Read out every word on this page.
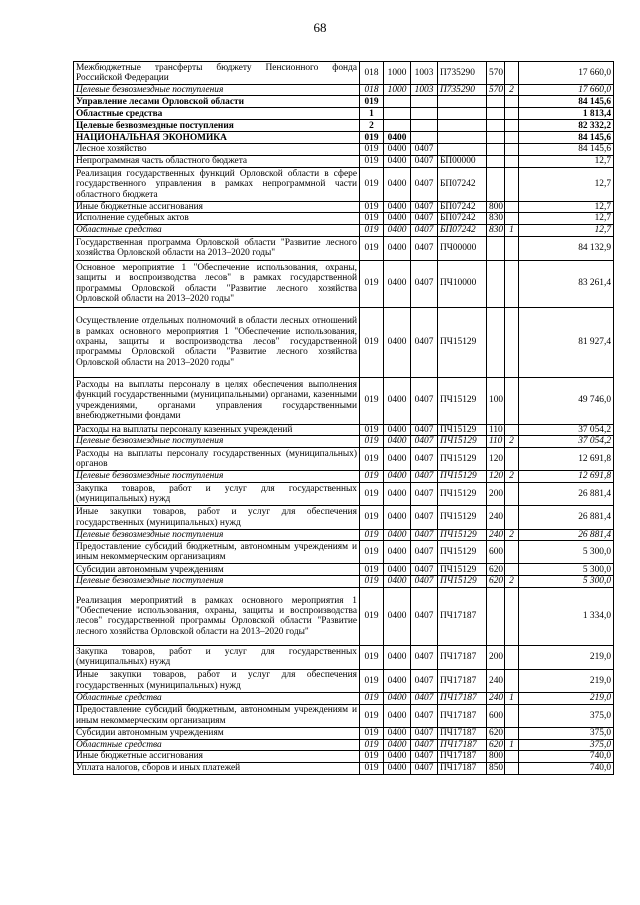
68
Межбюджетные трансферты бюджету Пенсионного фонда Российской Федерации	018	1000	1003	П735290	570		17 660,0
Целевые безвозмездные поступления	018	1000	1003	П735290	570	2	17 660,0
Управление лесами Орловской области	019						84 145,6
Областные средства	1						1 813,4
Целевые безвозмездные поступления	2						82 332,2
НАЦИОНАЛЬНАЯ ЭКОНОМИКА	019	0400					84 145,6
Лесное хозяйство	019	0400	0407				84 145,6
Непрограммная часть областного бюджета	019	0400	0407	БП00000			12,7
Реализация государственных функций Орловской области в сфере государственного управления в рамках непрограммной части областного бюджета	019	0400	0407	БП07242			12,7
Иные бюджетные ассигнования	019	0400	0407	БП07242	800		12,7
Исполнение судебных актов	019	0400	0407	БП07242	830		12,7
Областные средства	019	0400	0407	БП07242	830	1	12,7
Государственная программа Орловской области "Развитие лесного хозяйства Орловской области на 2013–2020 годы"	019	0400	0407	ПЧ00000			84 132,9
Основное мероприятие 1 "Обеспечение использования, охраны, защиты и воспроизводства лесов" в рамках государственной программы Орловской области "Развитие лесного хозяйства Орловской области на 2013–2020 годы"	019	0400	0407	ПЧ10000			83 261,4
Осуществление отдельных полномочий в области лесных отношений в рамках основного мероприятия 1 "Обеспечение использования, охраны, защиты и воспроизводства лесов" государственной программы Орловской области "Развитие лесного хозяйства Орловской области на 2013–2020 годы"	019	0400	0407	ПЧ15129			81 927,4
Расходы на выплаты персоналу в целях обеспечения выполнения функций государственными (муниципальными) органами, казенными учреждениями, органами управления государственными внебюджетными фондами	019	0400	0407	ПЧ15129	100		49 746,0
Расходы на выплаты персоналу казенных учреждений	019	0400	0407	ПЧ15129	110		37 054,2
Целевые безвозмездные поступления	019	0400	0407	ПЧ15129	110	2	37 054,2
Расходы на выплаты персоналу государственных (муниципальных) органов	019	0400	0407	ПЧ15129	120		12 691,8
Целевые безвозмездные поступления	019	0400	0407	ПЧ15129	120	2	12 691,8
Закупка товаров, работ и услуг для государственных (муниципальных) нужд	019	0400	0407	ПЧ15129	200		26 881,4
Иные закупки товаров, работ и услуг для обеспечения государственных (муниципальных) нужд	019	0400	0407	ПЧ15129	240		26 881,4
Целевые безвозмездные поступления	019	0400	0407	ПЧ15129	240	2	26 881,4
Предоставление субсидий бюджетным, автономным учреждениям и иным некоммерческим организациям	019	0400	0407	ПЧ15129	600		5 300,0
Субсидии автономным учреждениям	019	0400	0407	ПЧ15129	620		5 300,0
Целевые безвозмездные поступления	019	0400	0407	ПЧ15129	620	2	5 300,0
Реализация мероприятий в рамках основного мероприятия 1 "Обеспечение использования, охраны, защиты и воспроизводства лесов" государственной программы Орловской области "Развитие лесного хозяйства Орловской области на 2013–2020 годы"	019	0400	0407	ПЧ17187			1 334,0
Закупка товаров, работ и услуг для государственных (муниципальных) нужд	019	0400	0407	ПЧ17187	200		219,0
Иные закупки товаров, работ и услуг для обеспечения государственных (муниципальных) нужд	019	0400	0407	ПЧ17187	240		219,0
Областные средства	019	0400	0407	ПЧ17187	240	1	219,0
Предоставление субсидий бюджетным, автономным учреждениям и иным некоммерческим организациям	019	0400	0407	ПЧ17187	600		375,0
Субсидии автономным учреждениям	019	0400	0407	ПЧ17187	620		375,0
Областные средства	019	0400	0407	ПЧ17187	620	1	375,0
Иные бюджетные ассигнования	019	0400	0407	ПЧ17187	800		740,0
Уплата налогов, сборов и иных платежей	019	0400	0407	ПЧ17187	850		740,0
